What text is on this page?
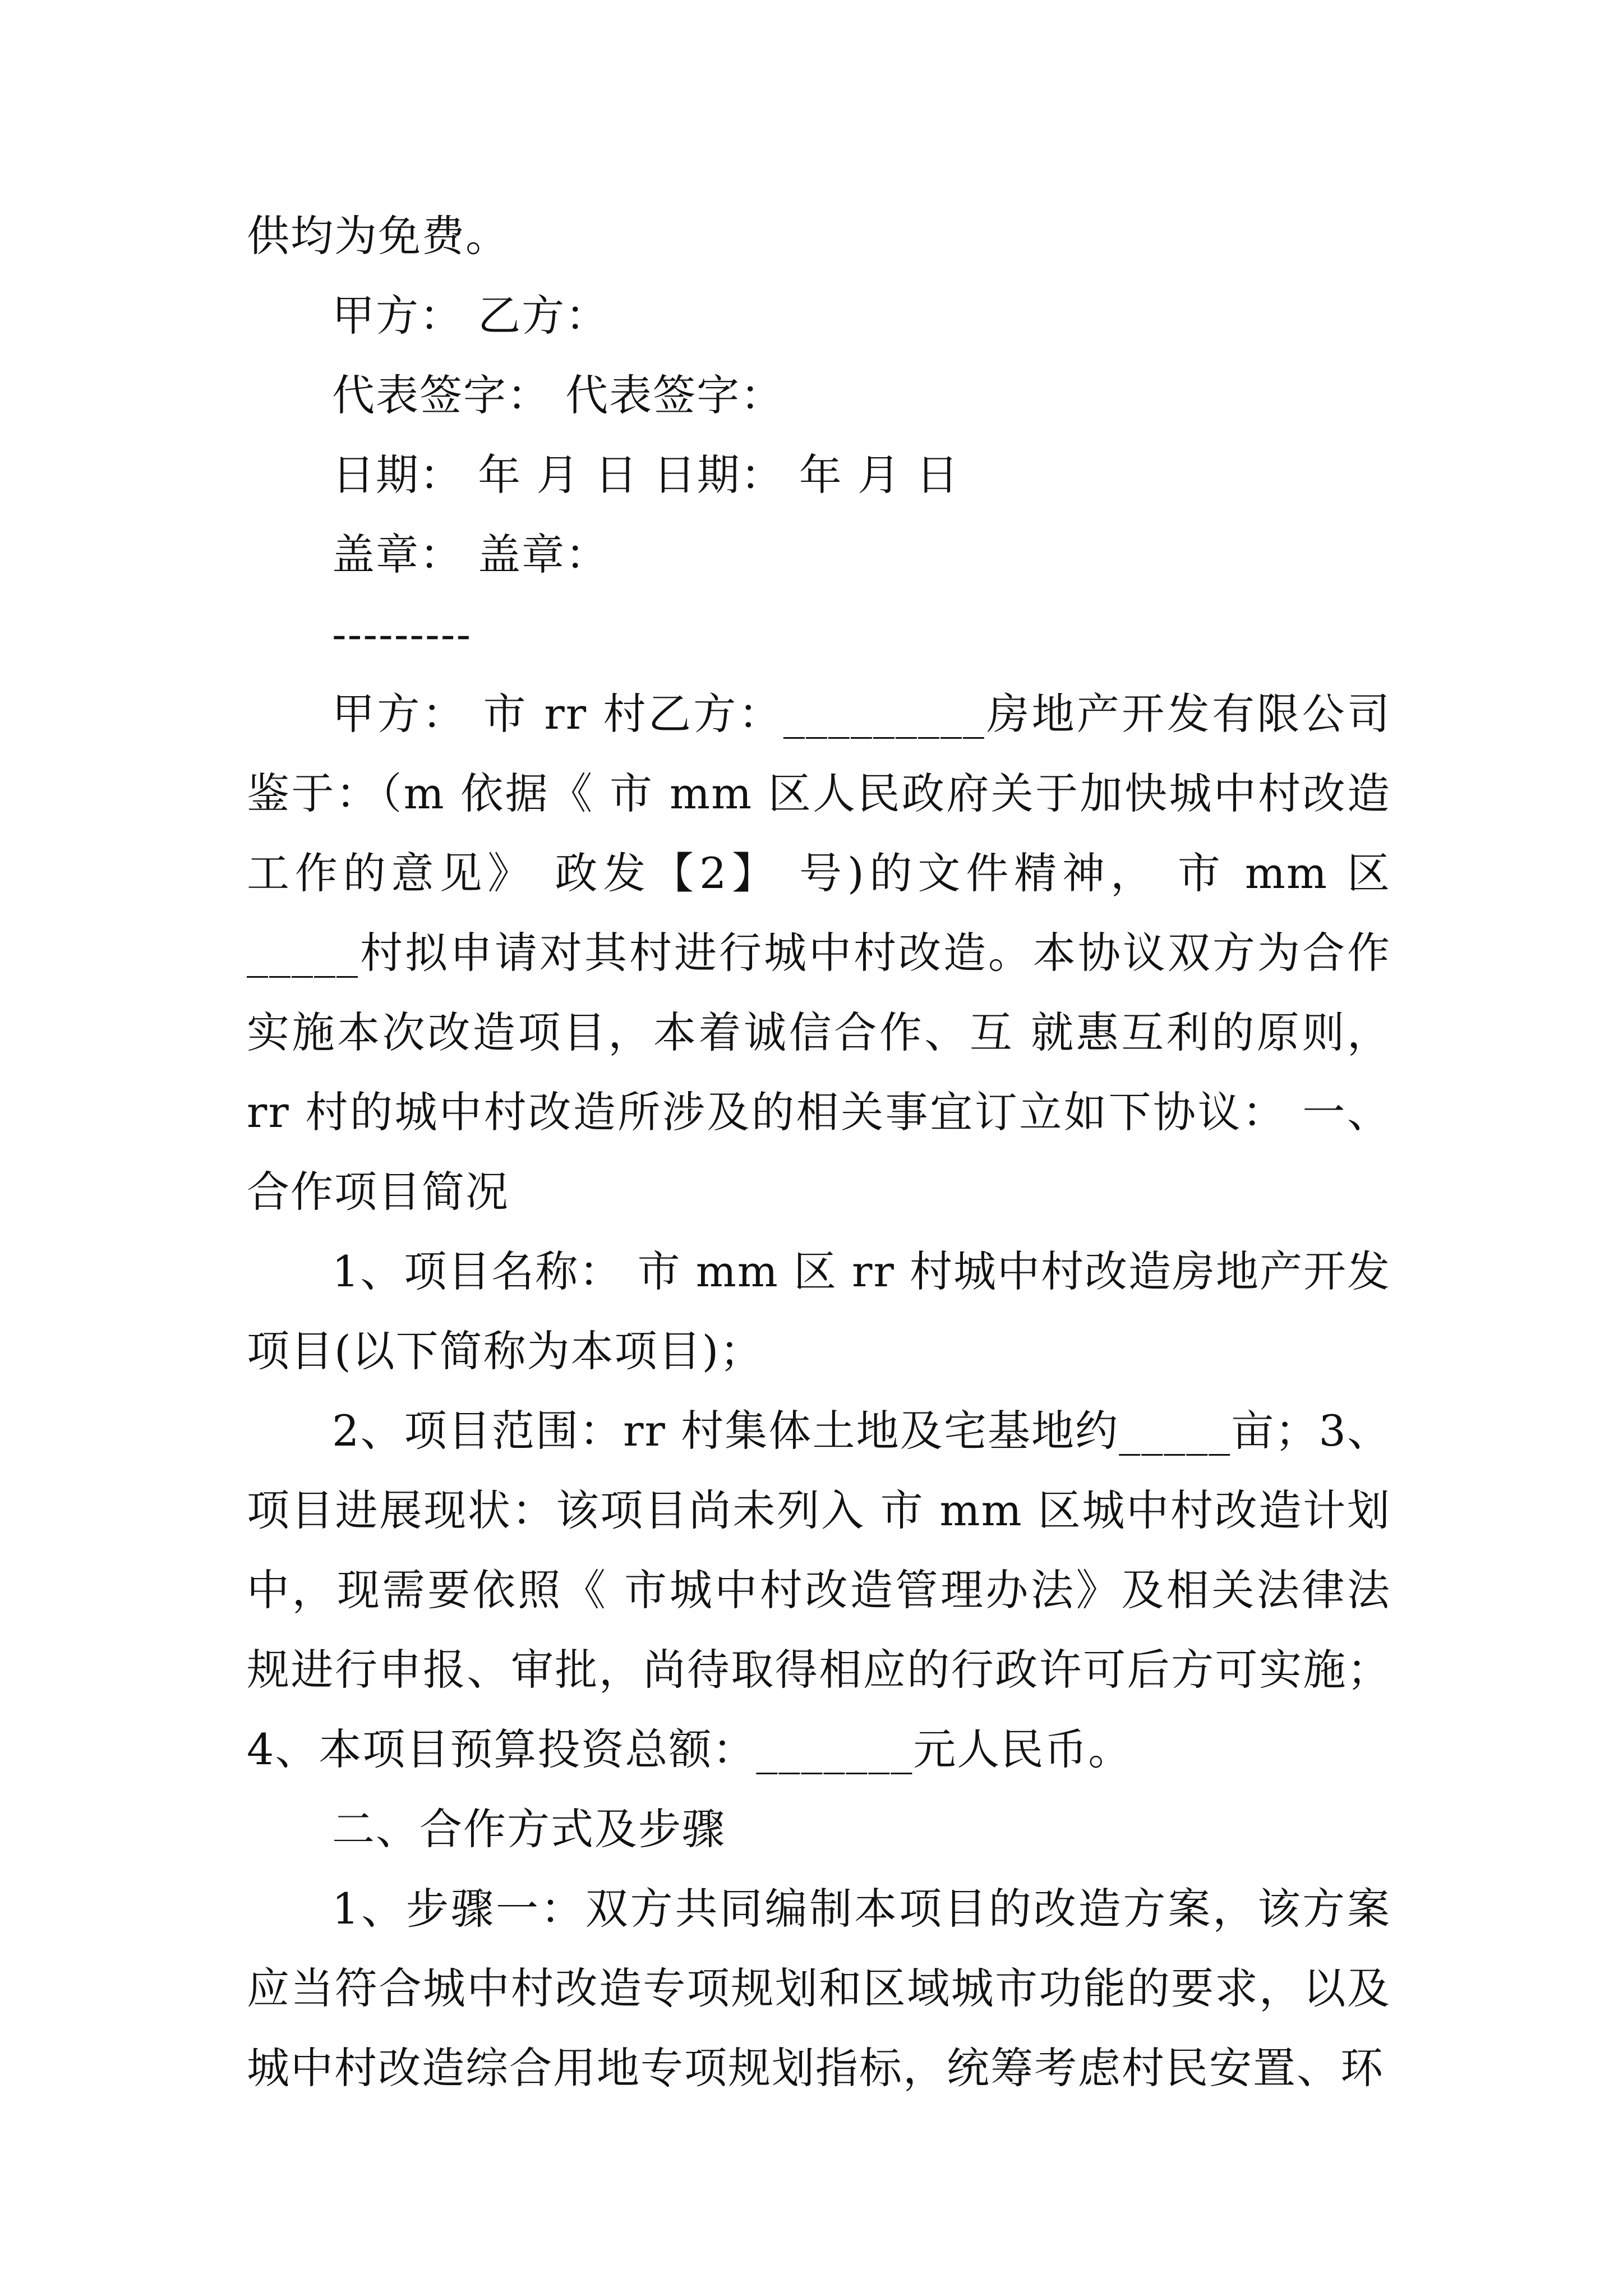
供均为免费。

甲方： 乙方：

代表签字： 代表签字：

日期： 年 月 日 日期： 年 月 日

盖章： 盖章：

---------

甲方： 市 rr 村乙方：_________房地产开发有限公司鉴于：（m 依据《 市 mm 区人民政府关于加快城中村改造工作的意见》 政发【2】 号)的文件精神， 市 mm 区_____村拟申请对其村进行城中村改造。本协议双方为合作实施本次改造项目，本着诚信合作、互 就惠互利的原则， rr 村的城中村改造所涉及的相关事宜订立如下协议： 一、合作项目简况

1、项目名称： 市 mm 区 rr 村城中村改造房地产开发项目(以下简称为本项目)；

2、项目范围：rr 村集体土地及宅基地约_____亩；3、项目进展现状：该项目尚未列入 市 mm 区城中村改造计划中，现需要依照《 市城中村改造管理办法》及相关法律法规进行申报、审批，尚待取得相应的行政许可后方可实施；4、本项目预算投资总额：_______元人民币。

二、合作方式及步骤

1、步骤一：双方共同编制本项目的改造方案，该方案应当符合城中村改造专项规划和区域城市功能的要求，以及城中村改造综合用地专项规划指标，统筹考虑村民安置、环
